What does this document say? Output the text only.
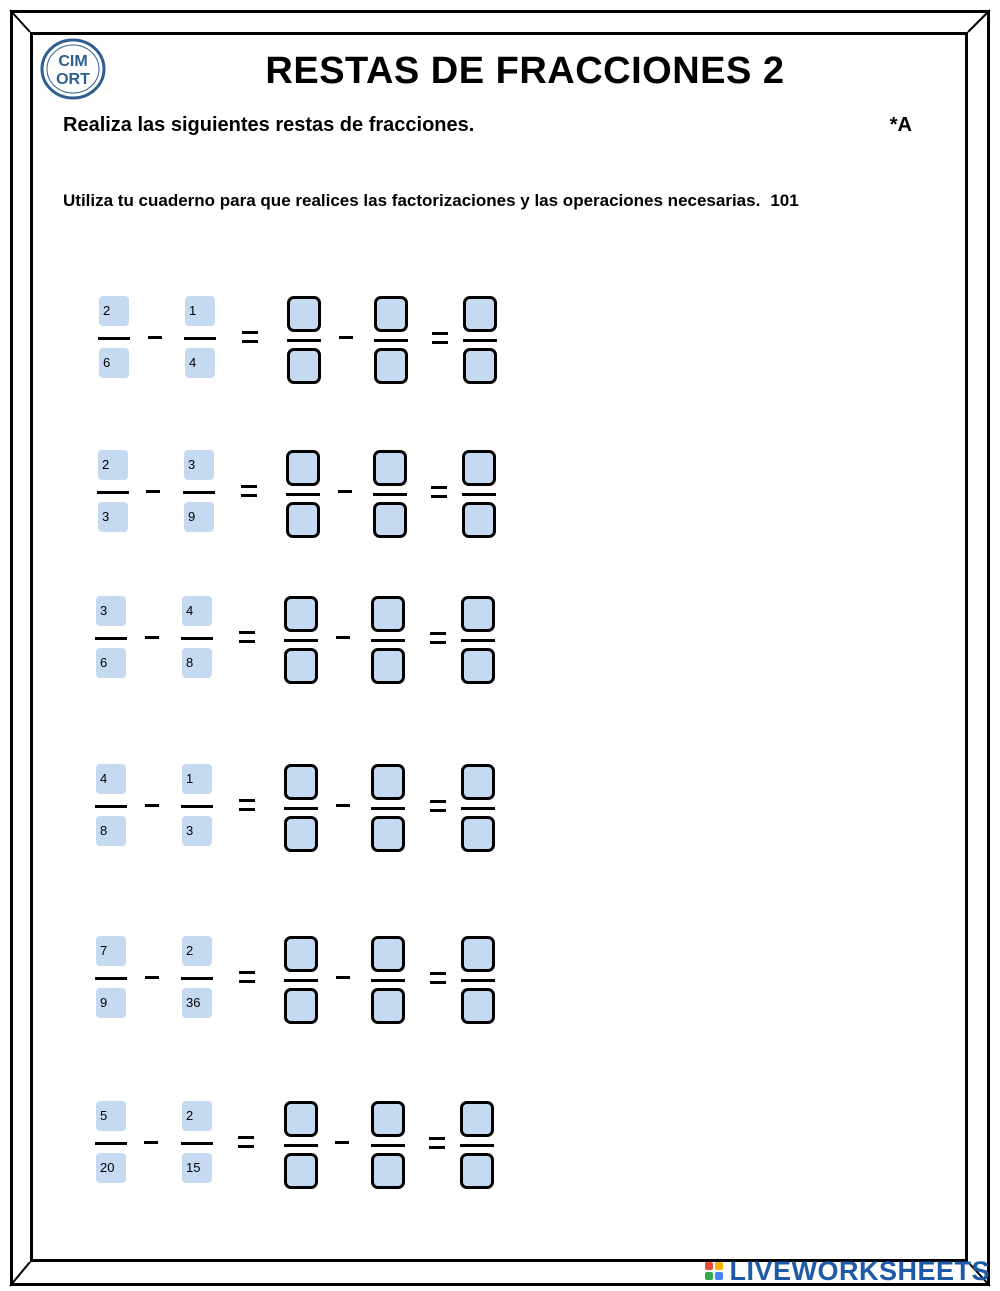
CIM
ORT	RESTAS DE FRACCIONES 2
Realiza las siguientes restas de fracciones.	*A
Utiliza tu cuaderno para que realices las factorizaciones y las operaciones necesarias. 101
2
6
1
4
2
3
3
9
3
6
4
8
4
8
1
3
7
9
2
36
5
20
2
15
LIVEWORKSHEETS
